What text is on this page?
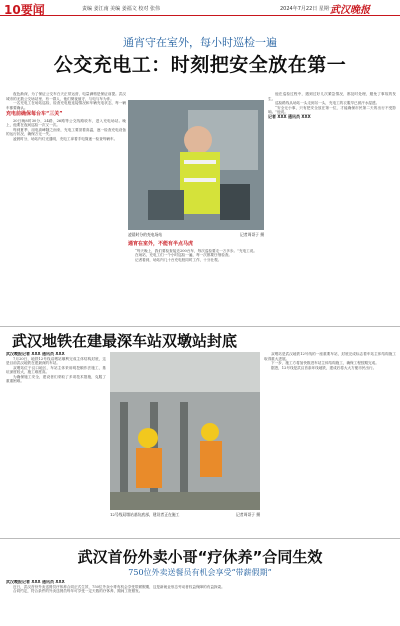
10要闻	责编 姜江南 美编 姜福文 校对 张伟	2024年7月22日 星期一
武汉晚报
通宵守在室外，每小时巡检一遍
公交充电工：时刻把安全放在第一

夜色渐深，为了保证公交车白天正常运营，电量满格是保证前提。武汉城市的无数公交场站里，有一群人，他们彻夜值守，与电与车为伴。

一名充电工在场站巡检，检查充电枪连接情况和车辆充电状态，每一辆车都要确认。

充电前确保每台车“三关”

20日晚8时30分，24路、26路等公交线路收车，进入充电场站。晚上，他要在夜间巡检一次又一次。

每到夏季，用电高峰随之而来，充电工要顶着高温，逐一检查充电设备的运行状况，确保万无一失。

凌晨时分，场站内灯光通明，充电工拿着手电筒逐一检查每辆车。

凌晨时分的充电场站	记者周哥子 摄

他在巡检过程中，遇到过好几次紧急情况，都及时处理，避免了事故的发生。

巡检路线从场站一头走到另一头，充电工的衣服早已被汗水湿透。

“安全无小事，只有把安全放在第一位，才能确保市民第二天的出行不受影响。”他说。

记者 XXX 通讯员 XXX

通宵在室外，不能有半点马虎

“每天晚上，我们要检查接近200台车，每次巡检要走一万多步。”充电工说。

在场站，充电工们一个小时巡检一遍，每一次都要仔细检查。

记者看到，场站内几十台充电桩同时工作，十分壮观。

武汉地铁在建最深车站双墩站封底

武汉晚报记者 XXX 通讯员 XXX

7月20日，地铁12号线双墩站顺利完成主体结构封底，这是目前武汉地铁在建最深的车站。

双墩站位于汉口地区，车站主体采用明挖顺作法施工，基坑深度较大，施工难度高。

为确保施工安全，建设者们采取了多项技术措施，克服了重重困难。

12号线双墩站基坑底部，建设者正在施工	记者周哥子 摄

双墩站是武汉地铁12号线的一座重要车站，封底完成标志着车站主体结构施工取得重大进展。

下一步，施工方将加快推进车站主体结构施工，确保工程按期完成。

据悉，12号线是武汉首条环线地铁，建成后将大大方便市民出行。

武汉首份外卖小哥“疗休养”合同生效
750位外卖送餐员有机会享受“带薪假期”

武汉晚报记者 XXX 通讯员 XXX

近日，武汉首份外卖送餐员疗休养合同正式生效，750位外卖小哥有机会享受带薪假期，这是新就业形态劳动者权益保障的有益探索。

合同约定，符合条件的外卖送餐员每年可享受一定天数的疗休养，期间工资照发。
